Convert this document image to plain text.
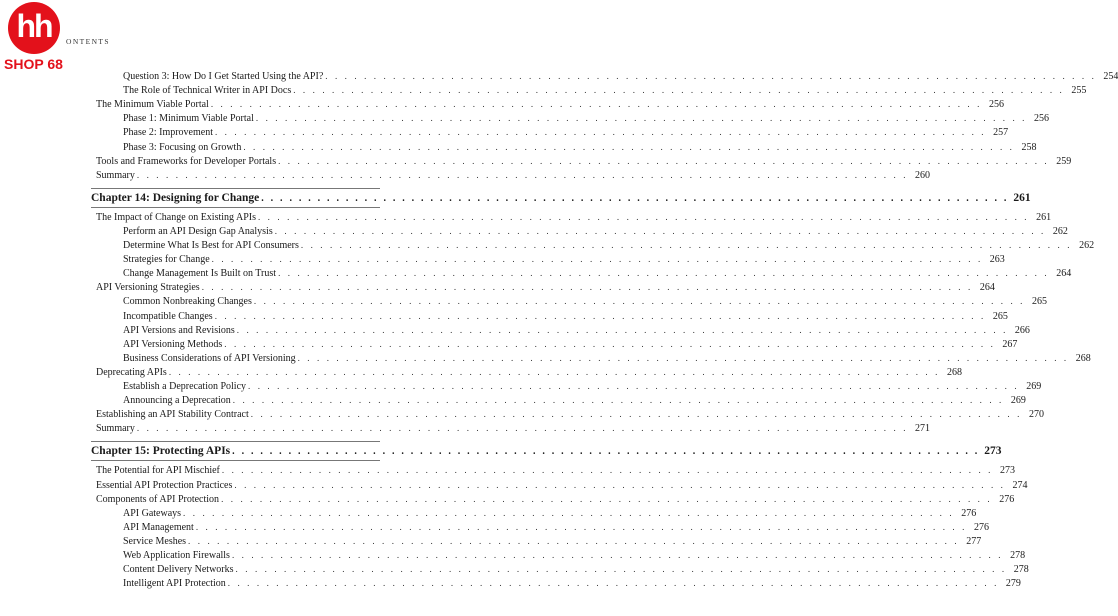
hh
SHOP 68
ONTENTS
Question 3: How Do I Get Started Using the API? . . . . . . . . . . . . . . . . . . . . . . . . . . . . . . . . . . . . . . . . . . . . . . . . . . . . . . . . . . . . . . . . . . . . . . . . . . . . . . . . 254
The Role of Technical Writer in API Docs . . . . . . . . . . . . . . . . . . . . . . . . . . . . . . . . . . . . . . . . . . . . . . . . . . . . . . . . . . . . . . . . . . . . . . . . . . . . . . . . 255
The Minimum Viable Portal . . . . . . . . . . . . . . . . . . . . . . . . . . . . . . . . . . . . . . . . . . . . . . . . . . . . . . . . . . . . . . . . . . . . . . . . . . . . . . . . 256
Phase 1: Minimum Viable Portal . . . . . . . . . . . . . . . . . . . . . . . . . . . . . . . . . . . . . . . . . . . . . . . . . . . . . . . . . . . . . . . . . . . . . . . . . . . . . . . . 256
Phase 2: Improvement . . . . . . . . . . . . . . . . . . . . . . . . . . . . . . . . . . . . . . . . . . . . . . . . . . . . . . . . . . . . . . . . . . . . . . . . . . . . . . . . 257
Phase 3: Focusing on Growth . . . . . . . . . . . . . . . . . . . . . . . . . . . . . . . . . . . . . . . . . . . . . . . . . . . . . . . . . . . . . . . . . . . . . . . . . . . . . . . . 258
Tools and Frameworks for Developer Portals . . . . . . . . . . . . . . . . . . . . . . . . . . . . . . . . . . . . . . . . . . . . . . . . . . . . . . . . . . . . . . . . . . . . . . . . . . . . . . . . 259
Summary . . . . . . . . . . . . . . . . . . . . . . . . . . . . . . . . . . . . . . . . . . . . . . . . . . . . . . . . . . . . . . . . . . . . . . . . . . . . . . . . 260
Chapter 14: Designing for Change . . . . . . . . . . . . . . . . . . . . . . . . . . . . . . . . . . . . . . . . . . . . . . . . . . . . . . . . . . . . . . . . . . . . . . . . . . . . . . . . 261
The Impact of Change on Existing APIs . . . . . . . . . . . . . . . . . . . . . . . . . . . . . . . . . . . . . . . . . . . . . . . . . . . . . . . . . . . . . . . . . . . . . . . . . . . . . . . . 261
Perform an API Design Gap Analysis . . . . . . . . . . . . . . . . . . . . . . . . . . . . . . . . . . . . . . . . . . . . . . . . . . . . . . . . . . . . . . . . . . . . . . . . . . . . . . . . 262
Determine What Is Best for API Consumers . . . . . . . . . . . . . . . . . . . . . . . . . . . . . . . . . . . . . . . . . . . . . . . . . . . . . . . . . . . . . . . . . . . . . . . . . . . . . . . . 262
Strategies for Change . . . . . . . . . . . . . . . . . . . . . . . . . . . . . . . . . . . . . . . . . . . . . . . . . . . . . . . . . . . . . . . . . . . . . . . . . . . . . . . . 263
Change Management Is Built on Trust . . . . . . . . . . . . . . . . . . . . . . . . . . . . . . . . . . . . . . . . . . . . . . . . . . . . . . . . . . . . . . . . . . . . . . . . . . . . . . . . 264
API Versioning Strategies . . . . . . . . . . . . . . . . . . . . . . . . . . . . . . . . . . . . . . . . . . . . . . . . . . . . . . . . . . . . . . . . . . . . . . . . . . . . . . . . 264
Common Nonbreaking Changes . . . . . . . . . . . . . . . . . . . . . . . . . . . . . . . . . . . . . . . . . . . . . . . . . . . . . . . . . . . . . . . . . . . . . . . . . . . . . . . . 265
Incompatible Changes . . . . . . . . . . . . . . . . . . . . . . . . . . . . . . . . . . . . . . . . . . . . . . . . . . . . . . . . . . . . . . . . . . . . . . . . . . . . . . . . 265
API Versions and Revisions . . . . . . . . . . . . . . . . . . . . . . . . . . . . . . . . . . . . . . . . . . . . . . . . . . . . . . . . . . . . . . . . . . . . . . . . . . . . . . . . 266
API Versioning Methods . . . . . . . . . . . . . . . . . . . . . . . . . . . . . . . . . . . . . . . . . . . . . . . . . . . . . . . . . . . . . . . . . . . . . . . . . . . . . . . . 267
Business Considerations of API Versioning . . . . . . . . . . . . . . . . . . . . . . . . . . . . . . . . . . . . . . . . . . . . . . . . . . . . . . . . . . . . . . . . . . . . . . . . . . . . . . . . 268
Deprecating APIs . . . . . . . . . . . . . . . . . . . . . . . . . . . . . . . . . . . . . . . . . . . . . . . . . . . . . . . . . . . . . . . . . . . . . . . . . . . . . . . . 268
Establish a Deprecation Policy . . . . . . . . . . . . . . . . . . . . . . . . . . . . . . . . . . . . . . . . . . . . . . . . . . . . . . . . . . . . . . . . . . . . . . . . . . . . . . . . 269
Announcing a Deprecation . . . . . . . . . . . . . . . . . . . . . . . . . . . . . . . . . . . . . . . . . . . . . . . . . . . . . . . . . . . . . . . . . . . . . . . . . . . . . . . . 269
Establishing an API Stability Contract . . . . . . . . . . . . . . . . . . . . . . . . . . . . . . . . . . . . . . . . . . . . . . . . . . . . . . . . . . . . . . . . . . . . . . . . . . . . . . . . 270
Summary . . . . . . . . . . . . . . . . . . . . . . . . . . . . . . . . . . . . . . . . . . . . . . . . . . . . . . . . . . . . . . . . . . . . . . . . . . . . . . . . 271
Chapter 15: Protecting APIs . . . . . . . . . . . . . . . . . . . . . . . . . . . . . . . . . . . . . . . . . . . . . . . . . . . . . . . . . . . . . . . . . . . . . . . . . . . . . . . . 273
The Potential for API Mischief . . . . . . . . . . . . . . . . . . . . . . . . . . . . . . . . . . . . . . . . . . . . . . . . . . . . . . . . . . . . . . . . . . . . . . . . . . . . . . . . 273
Essential API Protection Practices . . . . . . . . . . . . . . . . . . . . . . . . . . . . . . . . . . . . . . . . . . . . . . . . . . . . . . . . . . . . . . . . . . . . . . . . . . . . . . . . 274
Components of API Protection . . . . . . . . . . . . . . . . . . . . . . . . . . . . . . . . . . . . . . . . . . . . . . . . . . . . . . . . . . . . . . . . . . . . . . . . . . . . . . . . 276
API Gateways . . . . . . . . . . . . . . . . . . . . . . . . . . . . . . . . . . . . . . . . . . . . . . . . . . . . . . . . . . . . . . . . . . . . . . . . . . . . . . . . 276
API Management . . . . . . . . . . . . . . . . . . . . . . . . . . . . . . . . . . . . . . . . . . . . . . . . . . . . . . . . . . . . . . . . . . . . . . . . . . . . . . . . 276
Service Meshes . . . . . . . . . . . . . . . . . . . . . . . . . . . . . . . . . . . . . . . . . . . . . . . . . . . . . . . . . . . . . . . . . . . . . . . . . . . . . . . . 277
Web Application Firewalls . . . . . . . . . . . . . . . . . . . . . . . . . . . . . . . . . . . . . . . . . . . . . . . . . . . . . . . . . . . . . . . . . . . . . . . . . . . . . . . . 278
Content Delivery Networks . . . . . . . . . . . . . . . . . . . . . . . . . . . . . . . . . . . . . . . . . . . . . . . . . . . . . . . . . . . . . . . . . . . . . . . . . . . . . . . . 278
Intelligent API Protection . . . . . . . . . . . . . . . . . . . . . . . . . . . . . . . . . . . . . . . . . . . . . . . . . . . . . . . . . . . . . . . . . . . . . . . . . . . . . . . . 279
